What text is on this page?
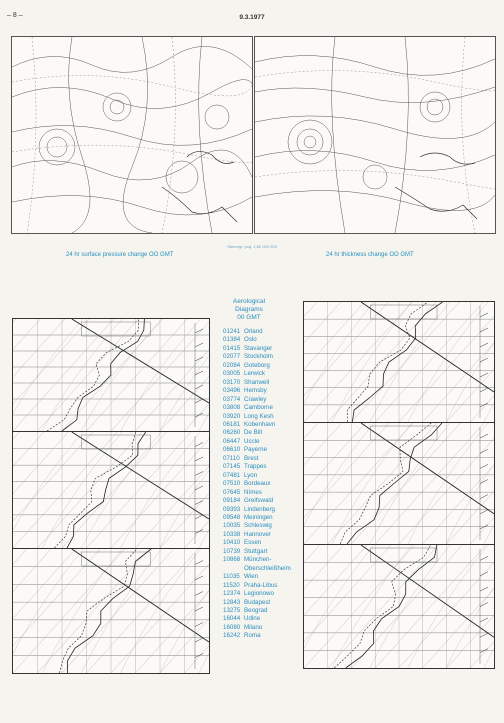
– 8 –	9.3.1977
Stereogr. proj. 1:60 000 000
24 hr surface pressure change OO GMT	24 hr thickness change OO GMT
Aerological
Diagrams
00 GMT
01241 Orland
01384 Oslo
01415 Stavanger
02077 Stockholm
02084 Goteborg
03005 Lerwick
03170 Shanwell
03496 Hemsby
03774 Crawley
03808 Camborne
03920 Long Kesh
06181 Kobenhavn
06260 De Bilt
06447 Uccle
06610 Payerne
07110 Brest
07145 Trappes
07481 Lyon
07510 Bordeaux
07645 Nîmes
09184 Greifswald
09393 Lindenberg
09548 Meiningen
10035 Schleswig
10338 Hannover
10410 Essen
10739 Stuttgart
10868 München-
Oberschleißheim
11035 Wien
11520 Praha-Libus
12374 Legionowo
12843 Budapest
13275 Beograd
16044 Udine
16080 Milano
16242 Roma
